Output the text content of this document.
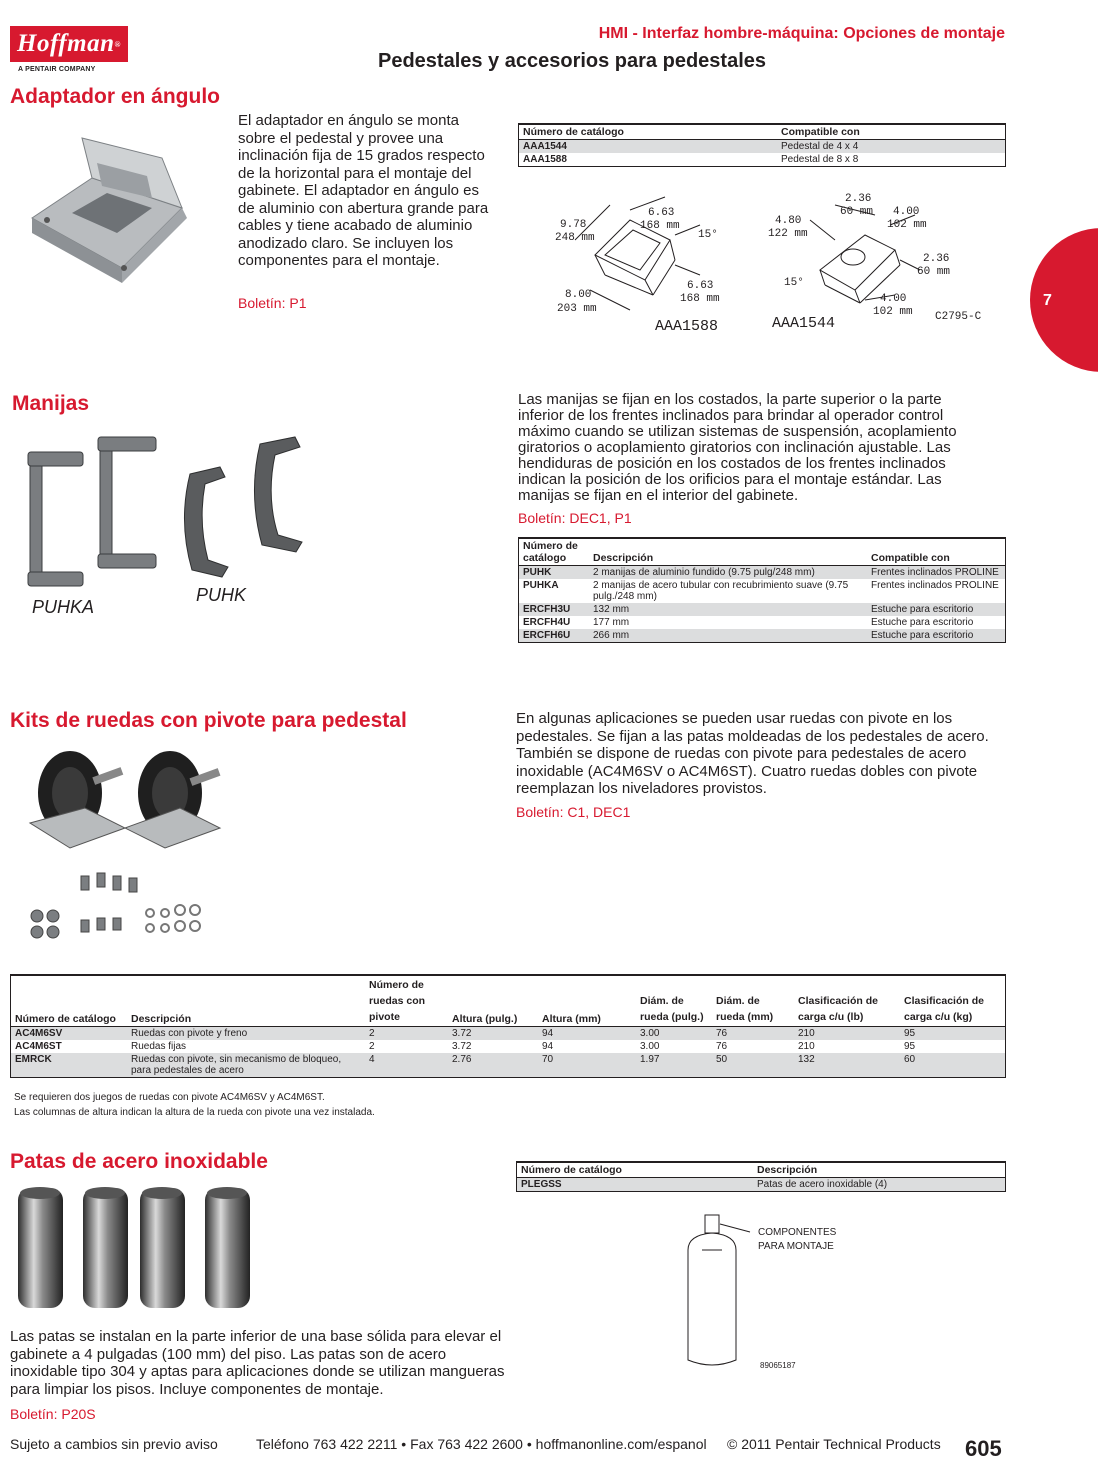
Hoffman ®
A PENTAIR COMPANY
HMI - Interfaz hombre-máquina: Opciones de montaje
Pedestales y accesorios para pedestales
7
Adaptador en ángulo
El adaptador en ángulo se monta sobre el pedestal y provee una inclinación fija de 15 grados respecto de la horizontal para el montaje del gabinete. El adaptador en ángulo es de aluminio con abertura grande para cables y tiene acabado de aluminio anodizado claro. Se incluyen los componentes para el montaje.
Boletín: P1
Número de catálogo	Compatible con
AAA1544	Pedestal de 4 x 4
AAA1588	Pedestal de 8 x 8
9.78
248 mm
6.63
168 mm
15°
6.63
168 mm
8.00
203 mm
AAA1588
2.36
60 mm
4.80
122 mm
4.00
102 mm
2.36
60 mm
15°
4.00
102 mm
AAA1544	C2795-C
Manijas
PUHKA
PUHK
Las manijas se fijan en los costados, la parte superior o la parte inferior de los frentes inclinados para brindar al operador control máximo cuando se utilizan sistemas de suspensión, acoplamiento giratorios o acoplamiento giratorios con inclinación ajustable. Las hendiduras de posición en los costados de los frentes inclinados indican la posición de los orificios para el montaje estándar. Las manijas se fijan en el interior del gabinete.
Boletín: DEC1, P1
Número de catálogo	Descripción	Compatible con
PUHK	2 manijas de aluminio fundido (9.75 pulg/248 mm)	Frentes inclinados PROLINE
PUHKA	2 manijas de acero tubular con recubrimiento suave (9.75 pulg./248 mm)	Frentes inclinados PROLINE
ERCFH3U	132 mm	Estuche para escritorio
ERCFH4U	177 mm	Estuche para escritorio
ERCFH6U	266 mm	Estuche para escritorio
Kits de ruedas con pivote para pedestal	En algunas aplicaciones se pueden usar ruedas con pivote en los pedestales. Se fijan a las patas moldeadas de los pedestales de acero. También se dispone de ruedas con pivote para pedestales de acero inoxidable (AC4M6SV o AC4M6ST). Cuatro ruedas dobles con pivote reemplazan los niveladores provistos.
Boletín: C1, DEC1
Número de catálogo	Descripción	Número de ruedas con pivote	Altura (pulg.)	Altura (mm)	Diám. de rueda (pulg.)	Diám. de rueda (mm)	Clasificación de carga c/u (lb)	Clasificación de carga c/u (kg)
AC4M6SV	Ruedas con pivote y freno	2	3.72	94	3.00	76	210	95
AC4M6ST	Ruedas fijas	2	3.72	94	3.00	76	210	95
EMRCK	Ruedas con pivote, sin mecanismo de bloqueo, para pedestales de acero	4	2.76	70	1.97	50	132	60
Se requieren dos juegos de ruedas con pivote AC4M6SV y AC4M6ST.
Las columnas de altura indican la altura de la rueda con pivote una vez instalada.
Patas de acero inoxidable
Las patas se instalan en la parte inferior de una base sólida para elevar el gabinete a 4 pulgadas (100 mm) del piso. Las patas son de acero inoxidable tipo 304 y aptas para aplicaciones donde se utilizan mangueras para limpiar los pisos. Incluye componentes de montaje.
Boletín: P20S
Número de catálogo	Descripción
PLEGSS	Patas de acero inoxidable (4)
COMPONENTES
PARA MONTAJE
89065187
Sujeto a cambios sin previo aviso	Teléfono 763 422 2211 • Fax 763 422 2600 • hoffmanonline.com/espanol © 2011 Pentair Technical Products 605
